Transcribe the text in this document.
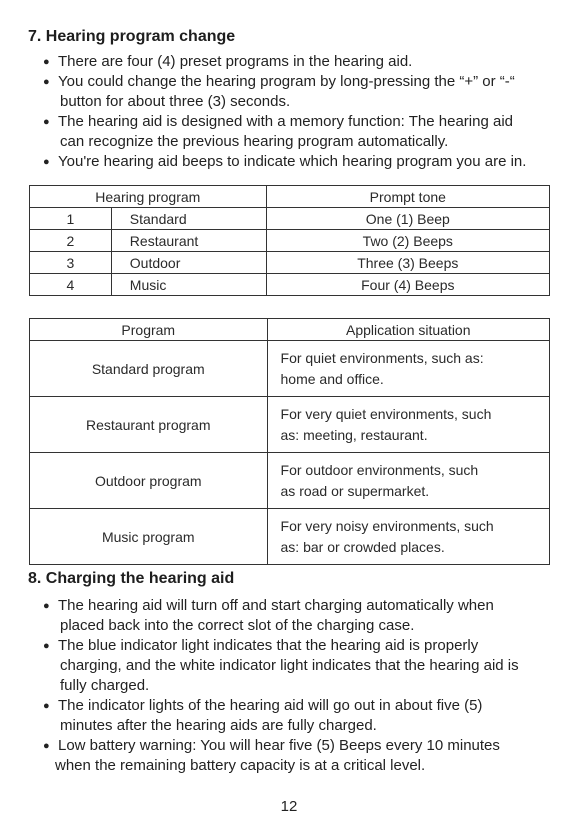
7. Hearing program change
● There are four (4) preset programs in the hearing aid.
● You could change the hearing program by long-pressing the “+” or “-“
button for about three (3) seconds.
● The hearing aid is designed with a memory function: The hearing aid
can recognize the previous hearing program automatically.
● You're hearing aid beeps to indicate which hearing program you are in.
Hearing program		Prompt tone
1	Standard	One (1) Beep
2	Restaurant	Two (2) Beeps
3	Outdoor	Three (3) Beeps
4	Music	Four (4) Beeps
Program	Application situation
Standard program	For quiet environments, such as:
home and office.

Restaurant program	For very quiet environments, such
as: meeting, restaurant.

Outdoor program	For outdoor environments, such
as road or supermarket.

Music program	For very noisy environments, such
as: bar or crowded places.
8. Charging the hearing aid
● The hearing aid will turn off and start charging automatically when
placed back into the correct slot of the charging case.
● The blue indicator light indicates that the hearing aid is properly
charging, and the white indicator light indicates that the hearing aid is
fully charged.
● The indicator lights of the hearing aid will go out in about five (5)
minutes after the hearing aids are fully charged.
● Low battery warning: You will hear five (5) Beeps every 10 minutes
when the remaining battery capacity is at a critical level.
12
